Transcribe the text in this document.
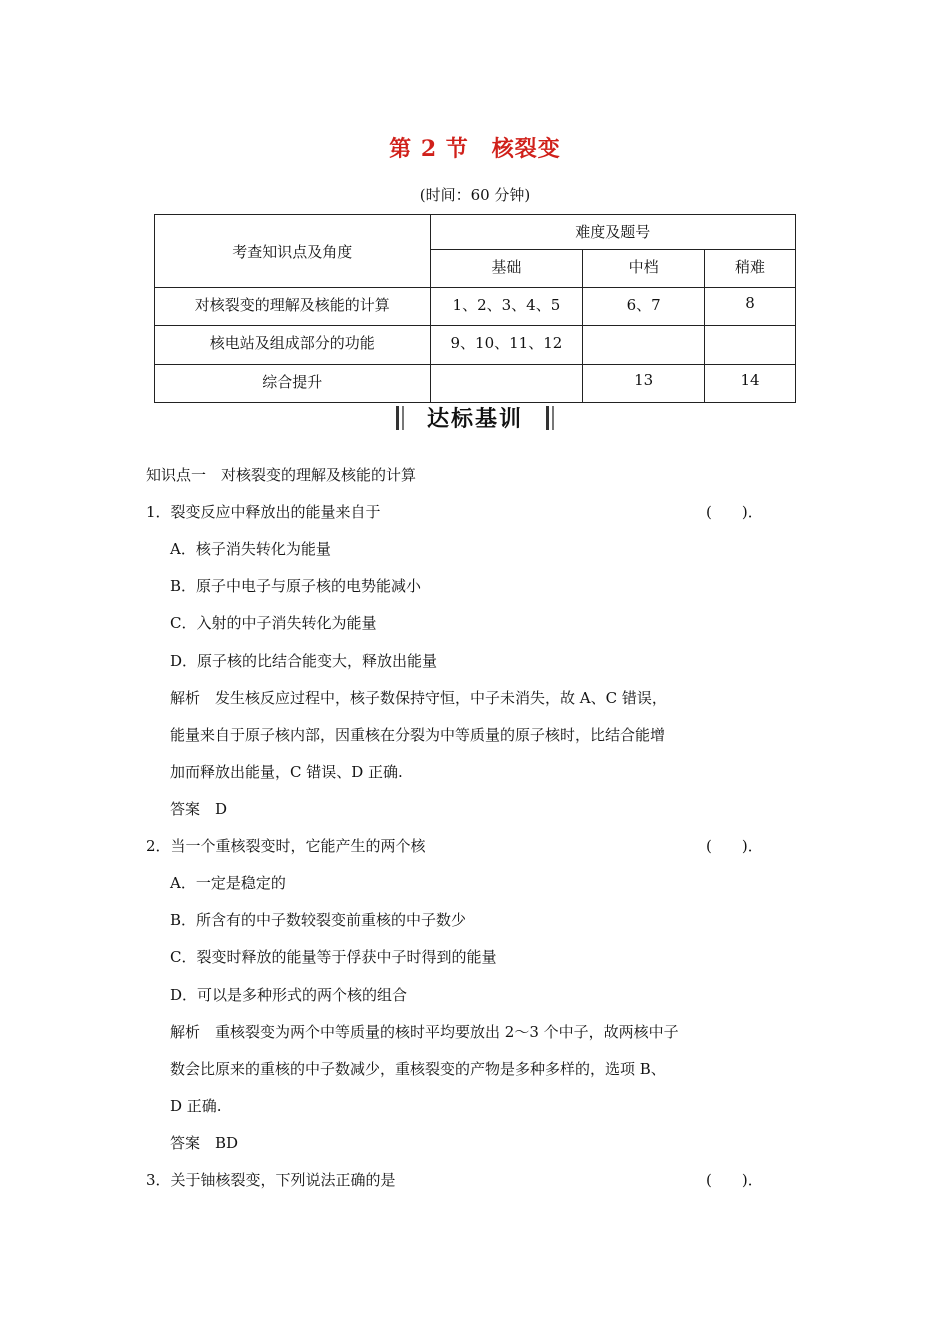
第 2 节　核裂变
(时间：60 分钟)
考查知识点及角度	难度及题号		
	基础	中档	稍难
对核裂变的理解及核能的计算	1、2、3、4、5	6、7	8
核电站及组成部分的功能	9、10、11、12		
综合提升		13	14
达标基训
知识点一　对核裂变的理解及核能的计算
1．裂变反应中释放出的能量来自于	(　　)．
A．核子消失转化为能量
B．原子中电子与原子核的电势能减小
C．入射的中子消失转化为能量
D．原子核的比结合能变大，释放出能量
解析　发生核反应过程中，核子数保持守恒，中子未消失，故 A、C 错误，
能量来自于原子核内部，因重核在分裂为中等质量的原子核时，比结合能增
加而释放出能量，C 错误、D 正确.
答案　D
2．当一个重核裂变时，它能产生的两个核	(　　)．
A．一定是稳定的
B．所含有的中子数较裂变前重核的中子数少
C．裂变时释放的能量等于俘获中子时得到的能量
D．可以是多种形式的两个核的组合
解析　重核裂变为两个中等质量的核时平均要放出 2～3 个中子，故两核中子
数会比原来的重核的中子数减少，重核裂变的产物是多种多样的，选项 B、
D 正确.
答案　BD
3．关于铀核裂变，下列说法正确的是	(　　)．
